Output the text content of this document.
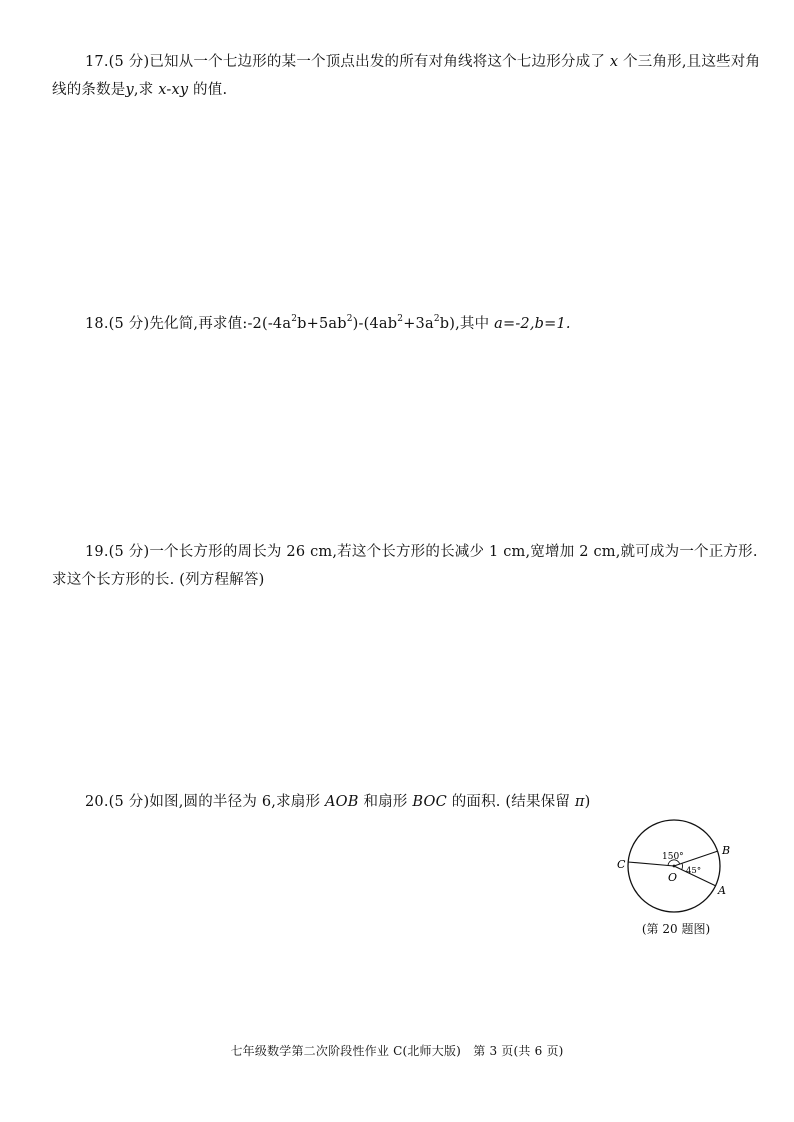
17.(5 分)已知从一个七边形的某一个顶点出发的所有对角线将这个七边形分成了 x 个三角形,且这些对角线的条数是y,求 x-xy 的值.
18.(5 分)先化简,再求值$:-2(-4a^2b+5ab^2)-(4ab^2+3a^2b)$,其中 a=-2,b=1.
19.(5 分)一个长方形的周长为 26 cm,若这个长方形的长减少 1 cm,宽增加 2 cm,就可成为一个正方形. 求这个长方形的长. (列方程解答)
20.(5 分)如图,圆的半径为 6,求扇形 AOB 和扇形 BOC 的面积. (结果保留 π)
150°
45°
O
C
B
A
(第 20 题图)
七年级数学第二次阶段性作业 C(北师大版)　第 3 页(共 6 页)
